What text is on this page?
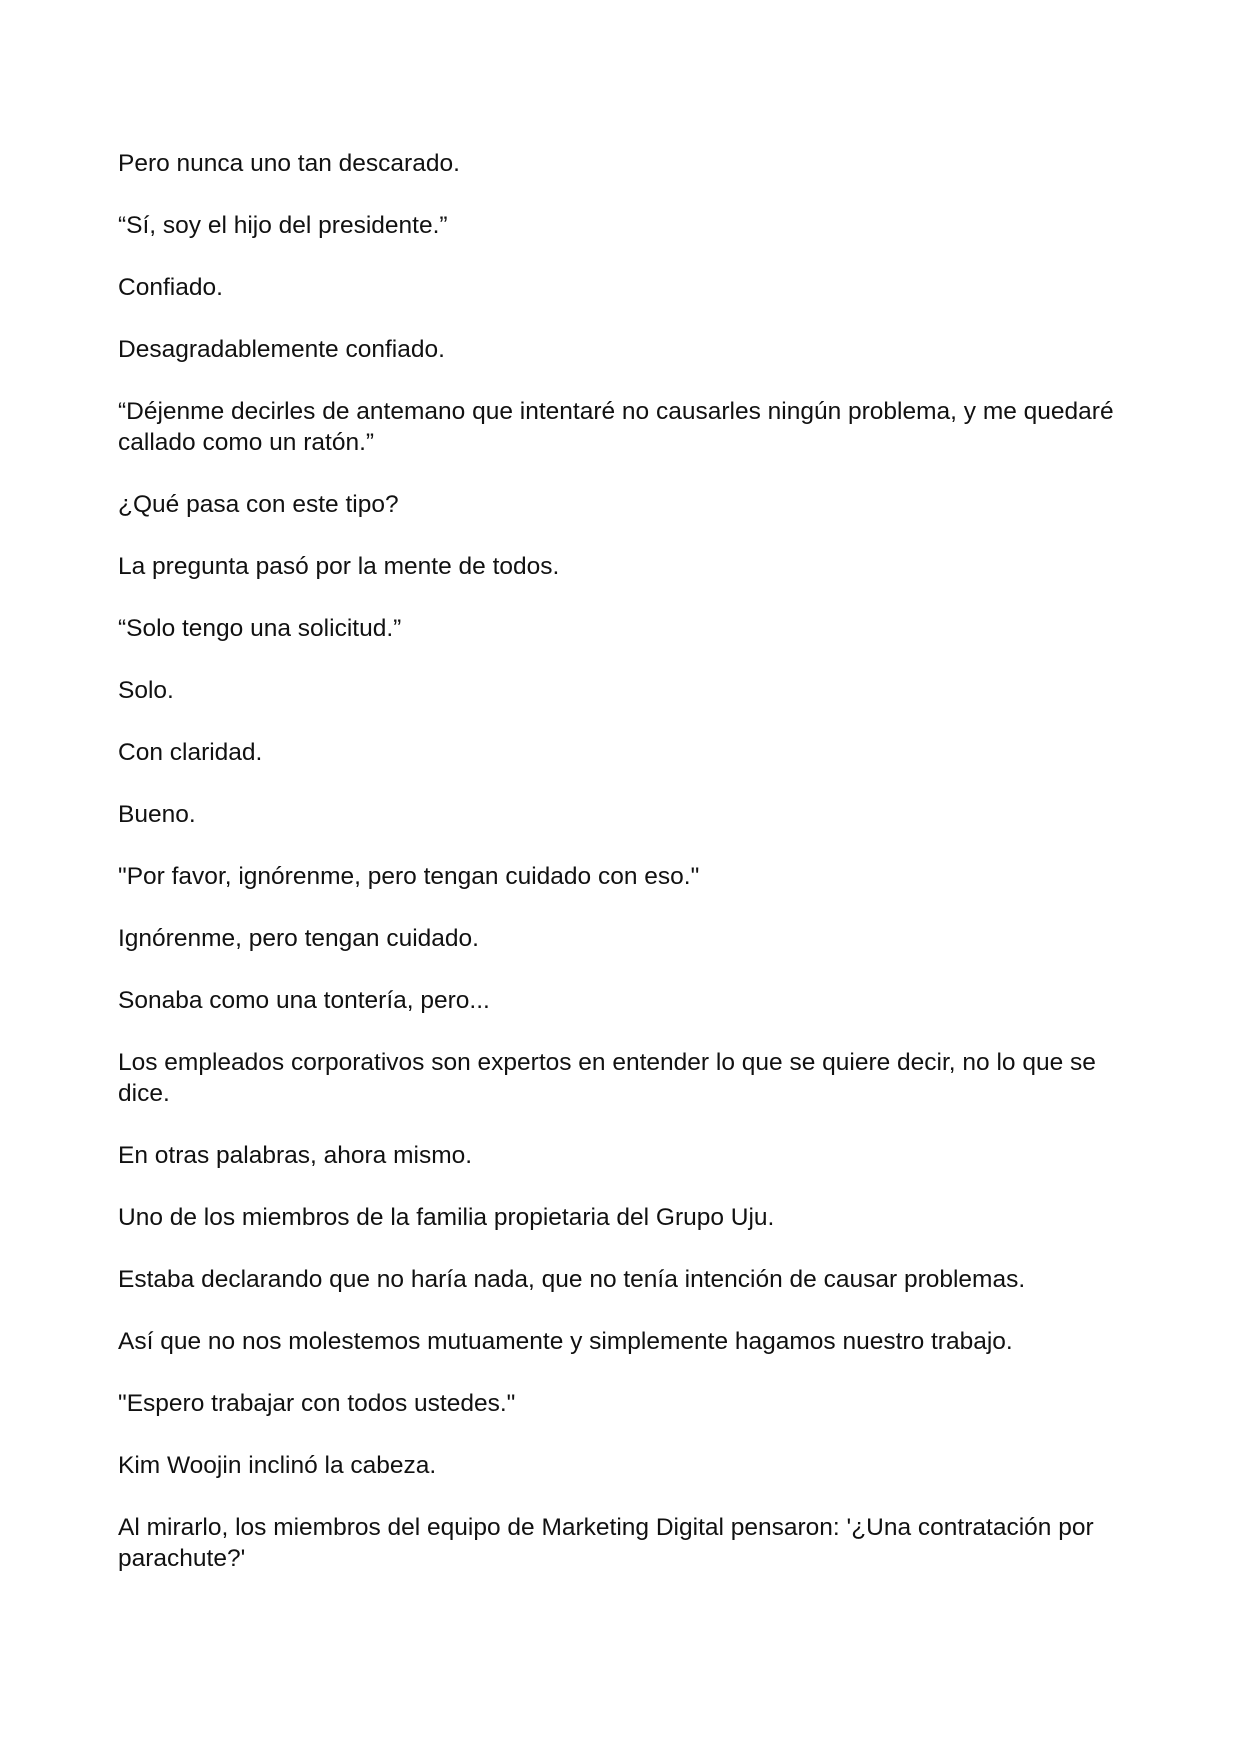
Pero nunca uno tan descarado.

“Sí, soy el hijo del presidente.”

Confiado.

Desagradablemente confiado.

“Déjenme decirles de antemano que intentaré no causarles ningún problema, y me quedaré callado como un ratón.”

¿Qué pasa con este tipo?

La pregunta pasó por la mente de todos.

“Solo tengo una solicitud.”

Solo.

Con claridad.

Bueno.

"Por favor, ignórenme, pero tengan cuidado con eso."

Ignórenme, pero tengan cuidado.

Sonaba como una tontería, pero...

Los empleados corporativos son expertos en entender lo que se quiere decir, no lo que se dice.

En otras palabras, ahora mismo.

Uno de los miembros de la familia propietaria del Grupo Uju.

Estaba declarando que no haría nada, que no tenía intención de causar problemas.

Así que no nos molestemos mutuamente y simplemente hagamos nuestro trabajo.

"Espero trabajar con todos ustedes."

Kim Woojin inclinó la cabeza.

Al mirarlo, los miembros del equipo de Marketing Digital pensaron: '¿Una contratación por parachute?'
